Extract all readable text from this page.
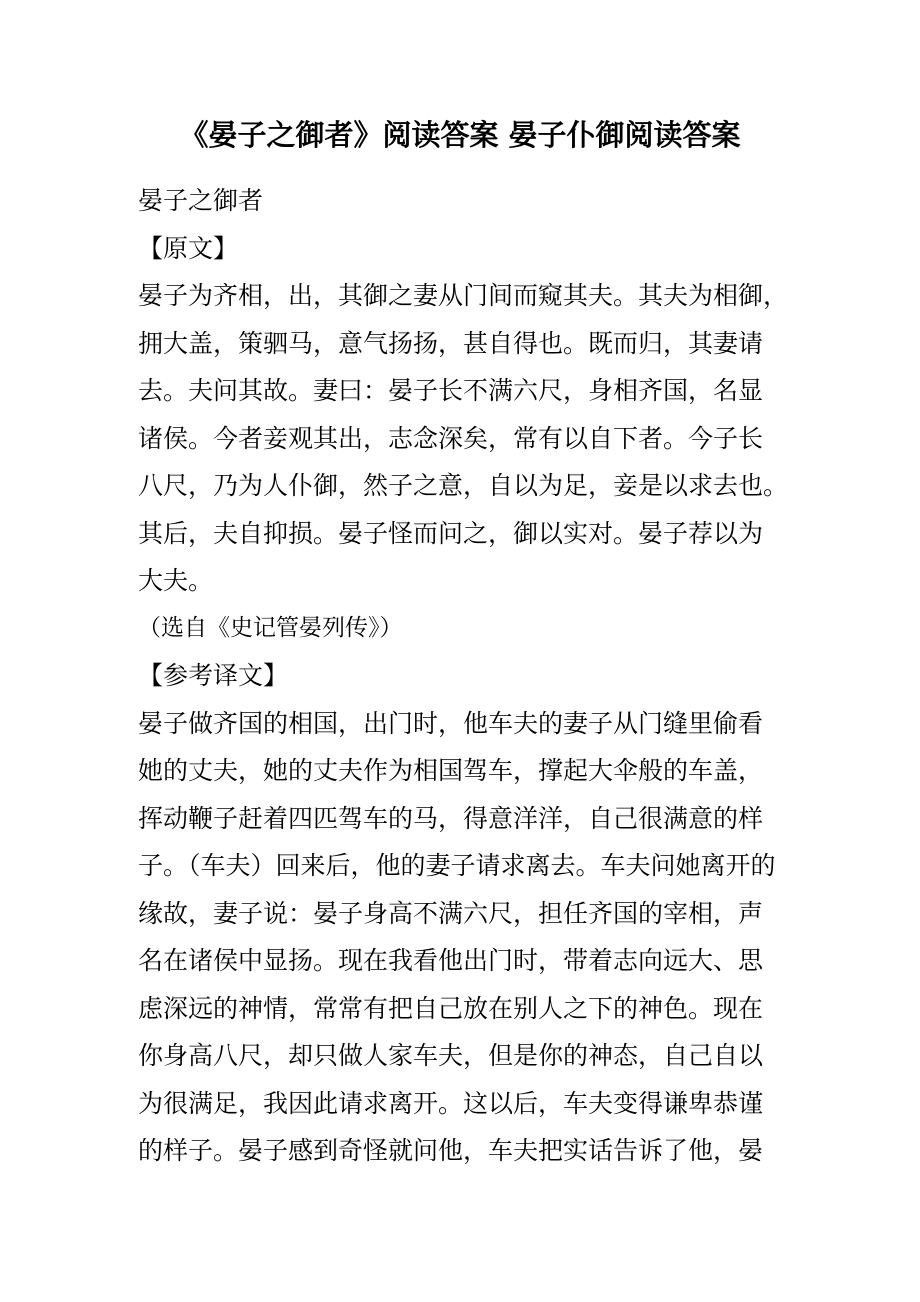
《晏子之御者》阅读答案 晏子仆御阅读答案
晏子之御者
【原文】
晏子为齐相，出，其御之妻从门间而窥其夫。其夫为相御，
拥大盖，策驷马，意气扬扬，甚自得也。既而归，其妻请
去。夫问其故。妻曰：晏子长不满六尺，身相齐国，名显
诸侯。今者妾观其出，志念深矣，常有以自下者。今子长
八尺，乃为人仆御，然子之意，自以为足，妾是以求去也。
其后，夫自抑损。晏子怪而问之，御以实对。晏子荐以为
大夫。
（选自《史记管晏列传》）
【参考译文】
晏子做齐国的相国，出门时，他车夫的妻子从门缝里偷看
她的丈夫，她的丈夫作为相国驾车，撑起大伞般的车盖，
挥动鞭子赶着四匹驾车的马，得意洋洋，自己很满意的样
子。（车夫）回来后，他的妻子请求离去。车夫问她离开的
缘故，妻子说：晏子身高不满六尺，担任齐国的宰相，声
名在诸侯中显扬。现在我看他出门时，带着志向远大、思
虑深远的神情，常常有把自己放在别人之下的神色。现在
你身高八尺，却只做人家车夫，但是你的神态，自己自以
为很满足，我因此请求离开。这以后，车夫变得谦卑恭谨
的样子。晏子感到奇怪就问他，车夫把实话告诉了他，晏
